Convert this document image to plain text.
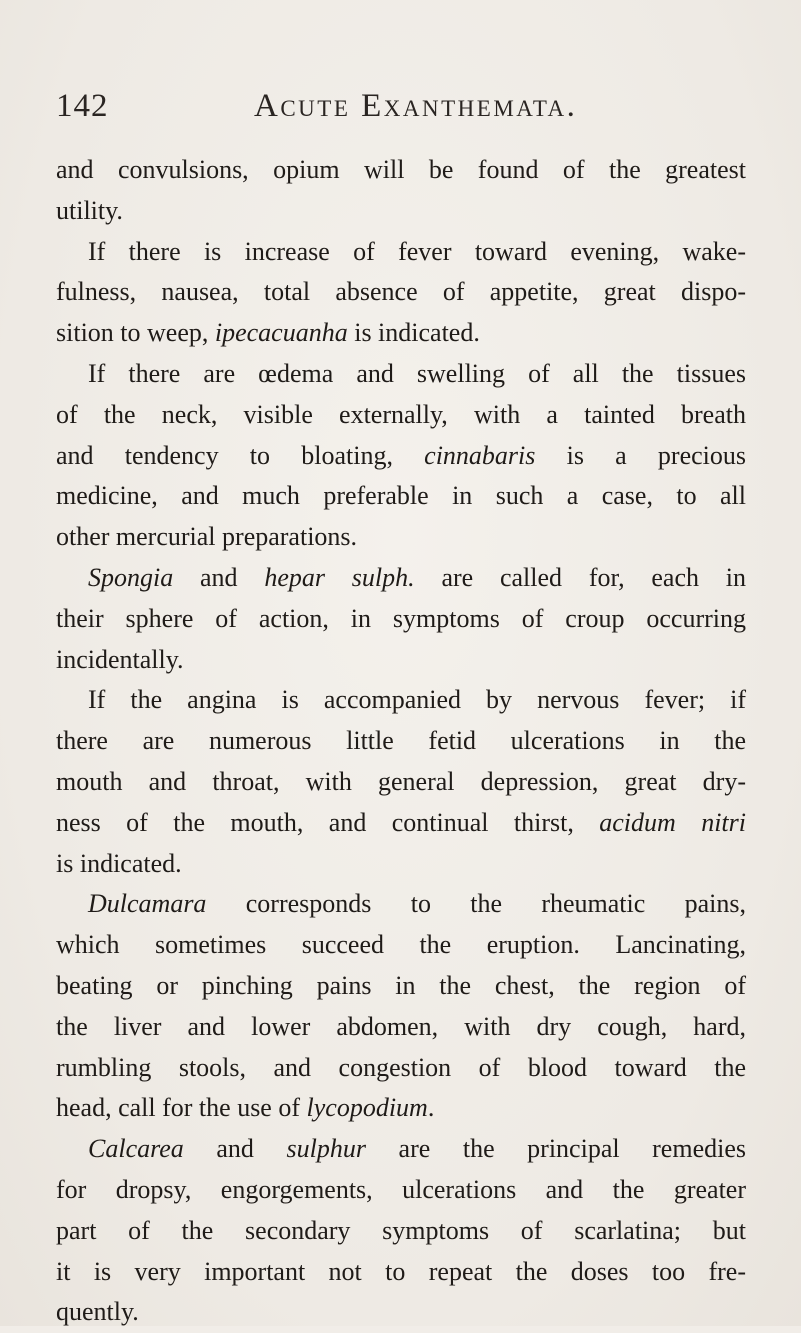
142	Acute Exanthemata.
and convulsions, opium will be found of the greatest
utility.
If there is increase of fever toward evening, wake-
fulness, nausea, total absence of appetite, great dispo-
sition to weep, ipecacuanha is indicated.
If there are œdema and swelling of all the tissues
of the neck, visible externally, with a tainted breath
and tendency to bloating, cinnabaris is a precious
medicine, and much preferable in such a case, to all
other mercurial preparations.
Spongia and hepar sulph. are called for, each in
their sphere of action, in symptoms of croup occurring
incidentally.
If the angina is accompanied by nervous fever; if
there are numerous little fetid ulcerations in the
mouth and throat, with general depression, great dry-
ness of the mouth, and continual thirst, acidum nitri
is indicated.
Dulcamara corresponds to the rheumatic pains,
which sometimes succeed the eruption. Lancinating,
beating or pinching pains in the chest, the region of
the liver and lower abdomen, with dry cough, hard,
rumbling stools, and congestion of blood toward the
head, call for the use of lycopodium.
Calcarea and sulphur are the principal remedies
for dropsy, engorgements, ulcerations and the greater
part of the secondary symptoms of scarlatina; but
it is very important not to repeat the doses too fre-
quently.
